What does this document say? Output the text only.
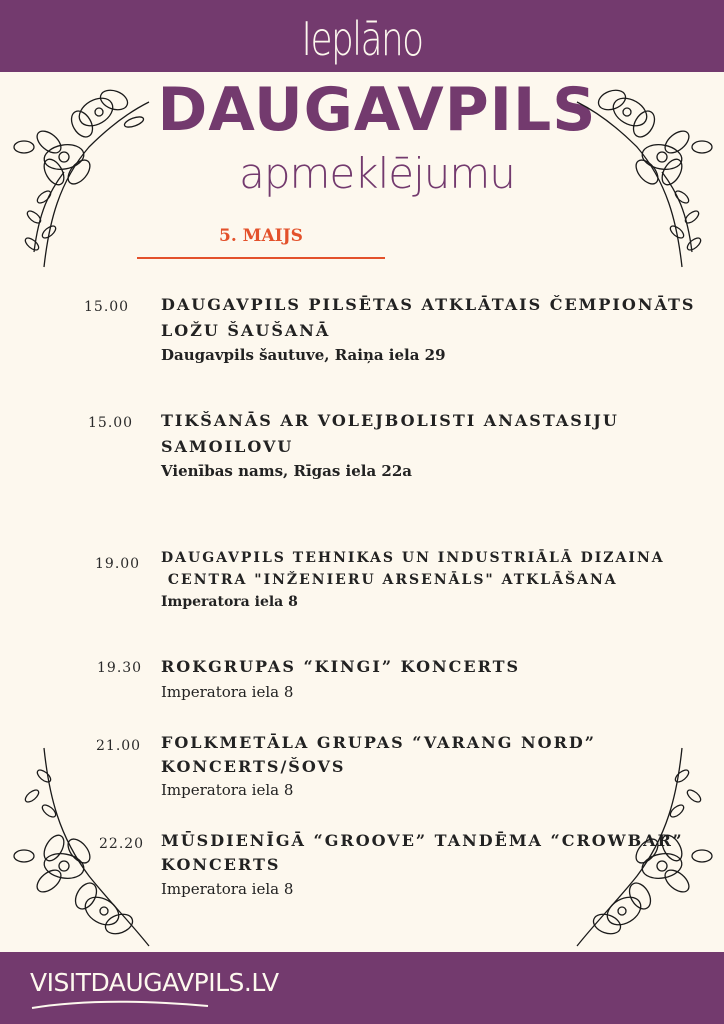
Ieplāno
DAUGAVPILS
apmeklējumu
5. MAIJS
15.00 DAUGAVPILS PILSĒTAS ATKLĀTAIS ČEMPIONĀTS
LOŽU ŠAUŠANĀ
Daugavpils šautuve, Raiņa iela 29
15.00 TIKŠANĀS AR VOLEJBOLISTI ANASTASIJU
SAMOILOVU
Vienības nams, Rīgas iela 22a
19.00 DAUGAVPILS TEHNIKAS UN INDUSTRIĀLĀ DIZAINA
CENTRA "INŽENIERU ARSENĀLS" ATKLĀŠANA
Imperatora iela 8
19.30 ROKGRUPAS “KINGI” KONCERTS
Imperatora iela 8
21.00 FOLKMETĀLA GRUPAS “VARANG NORD”
KONCERTS/ŠOVS
Imperatora iela 8
22.20 MŪSDIENĪGĀ “GROOVE” TANDĒMA “CROWBAR”
KONCERTS
Imperatora iela 8
VISITDAUGAVPILS.LV
